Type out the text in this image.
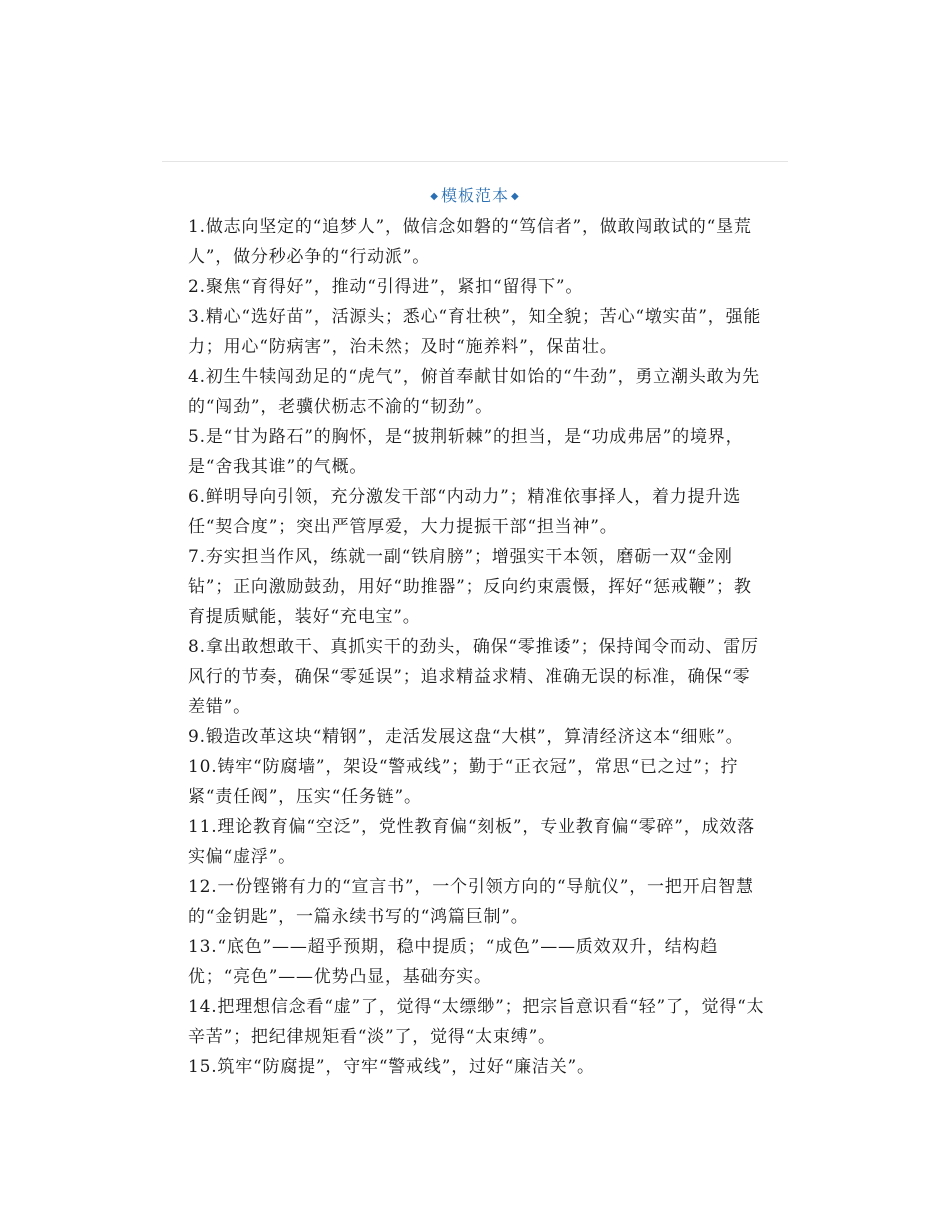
◆ 模板范本 ◆

1.做志向坚定的“追梦人”，做信念如磐的“笃信者”，做敢闯敢试的“垦荒人”，做分秒必争的“行动派”。

2.聚焦“育得好”，推动“引得进”，紧扣“留得下”。

3.精心“选好苗”，活源头；悉心“育壮秧”，知全貌；苦心“墩实苗”，强能力；用心“防病害”，治未然；及时“施养料”，保苗壮。

4.初生牛犊闯劲足的“虎气”，俯首奉献甘如饴的“牛劲”，勇立潮头敢为先的“闯劲”，老骥伏枥志不渝的“韧劲”。

5.是“甘为路石”的胸怀，是“披荆斩棘”的担当，是“功成弗居”的境界，是“舍我其谁”的气概。

6.鲜明导向引领，充分激发干部“内动力”；精准依事择人，着力提升选任“契合度”；突出严管厚爱，大力提振干部“担当神”。

7.夯实担当作风，练就一副“铁肩膀”；增强实干本领，磨砺一双“金刚钻”；正向激励鼓劲，用好“助推器”；反向约束震慑，挥好“惩戒鞭”；教育提质赋能，装好“充电宝”。

8.拿出敢想敢干、真抓实干的劲头，确保“零推诿”；保持闻令而动、雷厉风行的节奏，确保“零延误”；追求精益求精、准确无误的标准，确保“零差错”。

9.锻造改革这块“精钢”，走活发展这盘“大棋”，算清经济这本“细账”。

10.铸牢“防腐墙”，架设“警戒线”；勤于“正衣冠”，常思“已之过”；拧紧“责任阀”，压实“任务链”。

11.理论教育偏“空泛”，党性教育偏“刻板”，专业教育偏“零碎”，成效落实偏“虚浮”。

12.一份铿锵有力的“宣言书”，一个引领方向的“导航仪”，一把开启智慧的“金钥匙”，一篇永续书写的“鸿篇巨制”。

13.“底色”——超乎预期，稳中提质；“成色”——质效双升，结构趋优；“亮色”——优势凸显，基础夯实。

14.把理想信念看“虚”了，觉得“太缥缈”；把宗旨意识看“轻”了，觉得“太辛苦”；把纪律规矩看“淡”了，觉得“太束缚”。

15.筑牢“防腐提”，守牢“警戒线”，过好“廉洁关”。
